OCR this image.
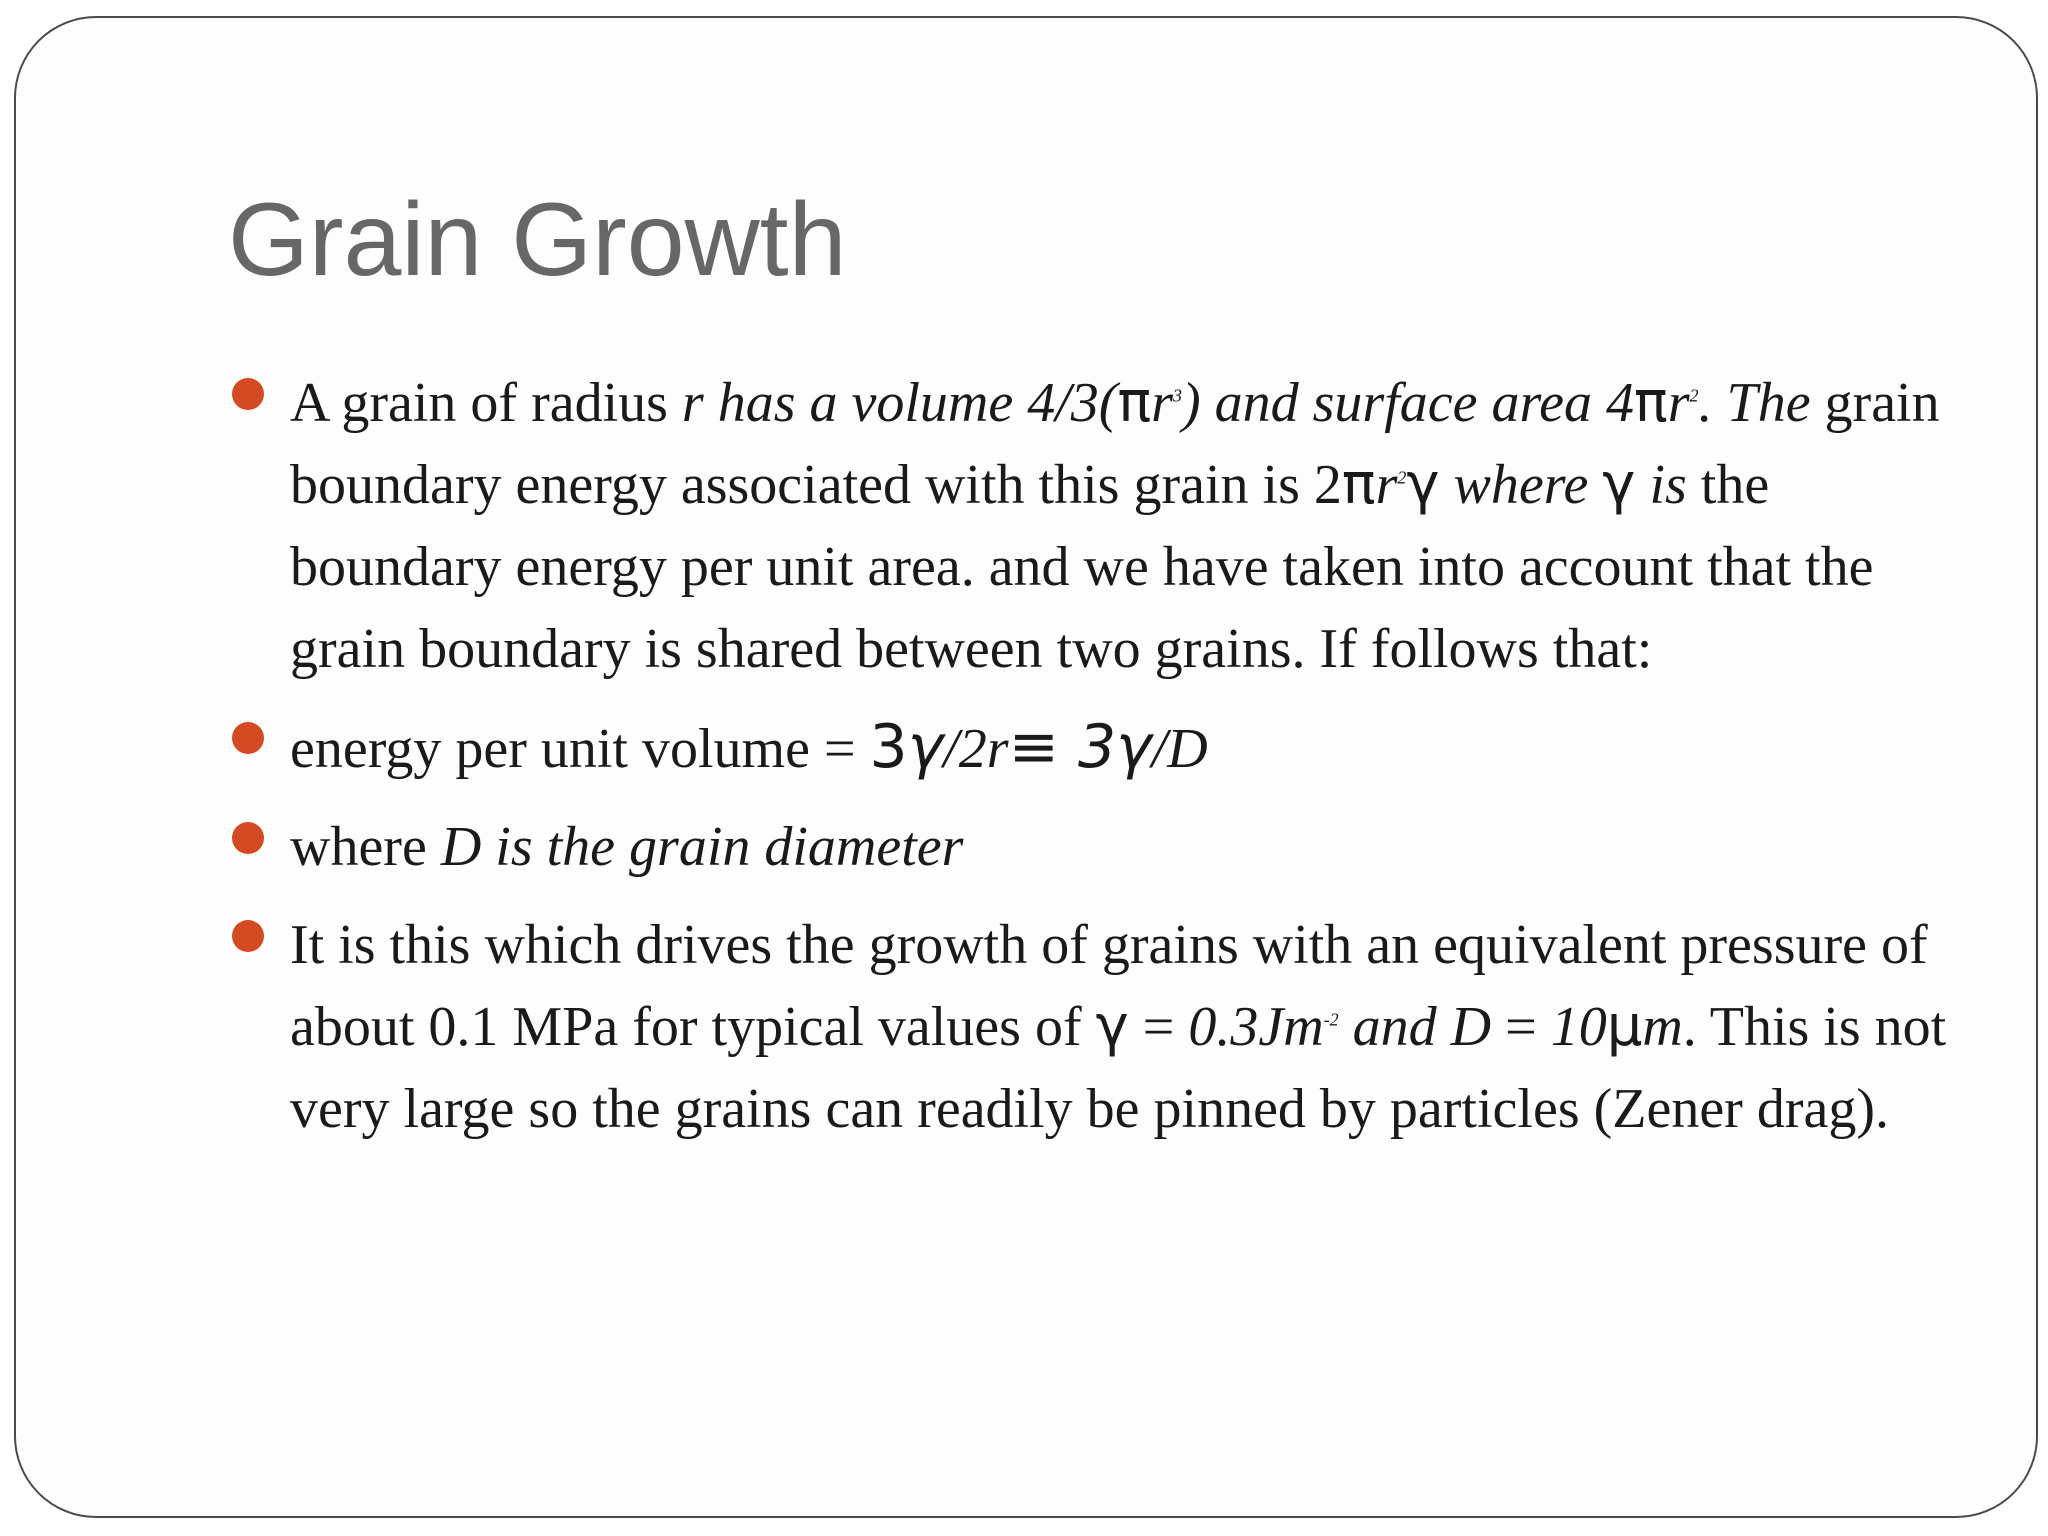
Grain Growth
A grain of radius r has a volume $4/3(\pi r^3)$ and surface area $4\pi r^2$. The grain boundary energy associated with this grain is $2\pi r^2\gamma$ where γ is the boundary energy per unit area. and we have taken into account that the grain boundary is shared between two grains. If follows that:
energy per unit volume = 3γ/2r≡ 3γ/D
where D is the grain diameter
It is this which drives the growth of grains with an equivalent pressure of about 0.1 MPa for typical values of $\gamma = 0.3Jm^{-2}$ and D = 10μm. This is not very large so the grains can readily be pinned by particles (Zener drag).
